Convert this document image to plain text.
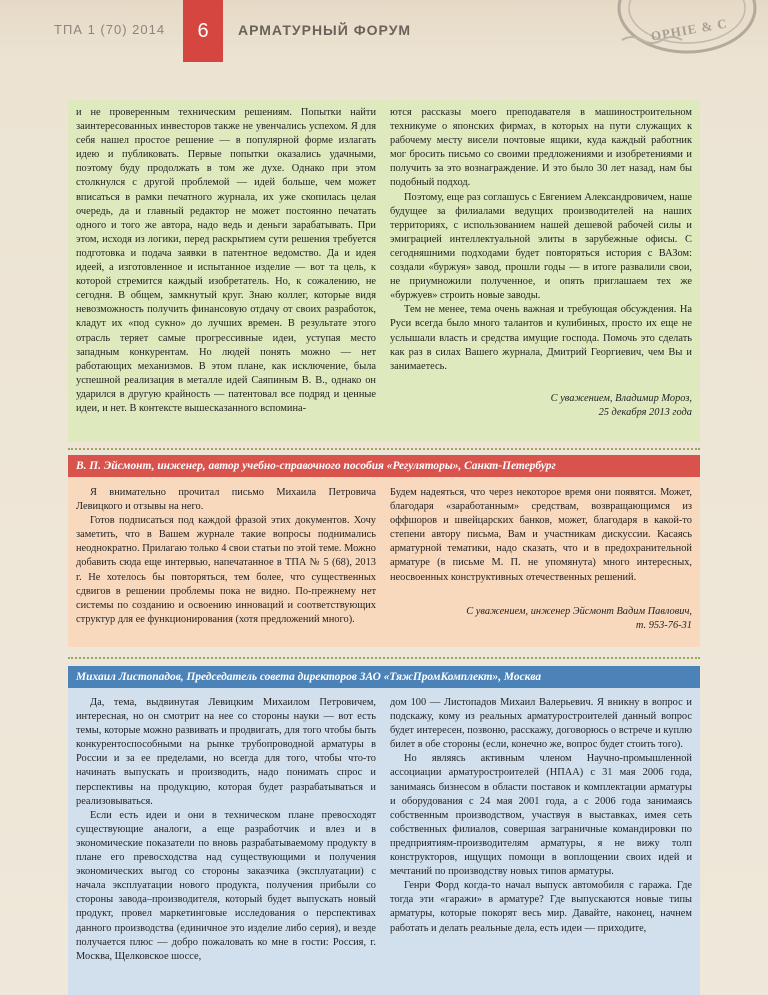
ТПА 1 (70) 2014	6	АРМАТУРНЫЙ ФОРУМ	OPHIE & C

и не проверенным техническим решениям. Попытки найти заинтересованных инвесторов также не увенчались успехом. Я для себя нашел простое решение — в популярной форме излагать идею и публиковать. Первые попытки оказались удачными, поэтому буду продолжать в том же духе. Однако при этом столкнулся с другой проблемой — идей больше, чем может вписаться в рамки печатного журнала, их уже скопилась целая очередь, да и главный редактор не может постоянно печатать одного и того же автора, надо ведь и деньги зарабатывать. При этом, исходя из логики, перед раскрытием сути решения требуется подготовка и подача заявки в патентное ведомство. Да и идея идеей, а изготовленное и испытанное изделие — вот та цель, к которой стремится каждый изобретатель. Но, к сожалению, не сегодня. В общем, замкнутый круг. Знаю коллег, которые видя невозможность получить финансовую отдачу от своих разработок, кладут их «под сукно» до лучших времен. В результате этого отрасль теряет самые прогрессивные идеи, уступая место западным конкурентам. Но людей понять можно — нет работающих механизмов. В этом плане, как исключение, была успешной реализация в металле идей Саяпиным В. В., однако он ударился в другую крайность — патентовал все подряд и ценные идеи, и нет. В контексте вышесказанного вспомина-

ются рассказы моего преподавателя в машиностроительном техникуме о японских фирмах, в которых на пути служащих к рабочему месту висели почтовые ящики, куда каждый работник мог бросить письмо со своими предложениями и изобретениями и получить за это вознаграждение. И это было 30 лет назад, нам бы подобный подход.

Поэтому, еще раз соглашусь с Евгением Александровичем, наше будущее за филиалами ведущих производителей на наших территориях, с использованием нашей дешевой рабочей силы и эмиграцией интеллектуальной элиты в зарубежные офисы. С сегодняшними подходами будет повторяться история с ВАЗом: создали «буржуя» завод, прошли годы — в итоге развалили свои, не приумножили полученное, и опять приглашаем тех же «буржуев» строить новые заводы.

Тем не менее, тема очень важная и требующая обсуждения. На Руси всегда было много талантов и кулибиных, просто их еще не услышали власть и средства имущие господа. Помочь это сделать как раз в силах Вашего журнала, Дмитрий Георгиевич, чем Вы и занимаетесь.

С уважением, Владимир Мороз,

25 декабря 2013 года

В. П. Эйсмонт, инженер, автор учебно-справочного пособия «Регуляторы», Санкт-Петербург

Я внимательно прочитал письмо Михаила Петровича Левицкого и отзывы на него.

Готов подписаться под каждой фразой этих документов. Хочу заметить, что в Вашем журнале такие вопросы поднимались неоднократно. Прилагаю только 4 свои статьи по этой теме. Можно добавить сюда еще интервью, напечатанное в ТПА № 5 (68), 2013 г. Не хотелось бы повторяться, тем более, что существенных сдвигов в решении проблемы пока не видно. По-прежнему нет системы по созданию и освоению инноваций и соответствующих структур для ее функционирования (хотя предложений много).

Будем надеяться, что через некоторое время они появятся. Может, благодаря «заработанным» средствам, возвращающимся из оффшоров и швейцарских банков, может, благодаря в какой-то степени автору письма, Вам и участникам дискуссии. Касаясь арматурной тематики, надо сказать, что и в предохранительной арматуре (в письме М. П. не упомянута) много интересных, неосвоенных конструктивных отечественных решений.

С уважением, инженер Эйсмонт Вадим Павлович,

т. 953-76-31

Михаил Листопадов, Председатель совета директоров ЗАО «ТяжПромКомплект», Москва

Да, тема, выдвинутая Левицким Михаилом Петровичем, интересная, но он смотрит на нее со стороны науки — вот есть темы, которые можно развивать и продвигать, для того чтобы быть конкурентоспособными на рынке трубопроводной арматуры в России и за ее пределами, но всегда для того, чтобы что-то начинать выпускать и производить, надо понимать спрос и перспективы на продукцию, которая будет разрабатываться и реализовываться.

Если есть идеи и они в техническом плане превосходят существующие аналоги, а еще разработчик и влез и в экономические показатели по вновь разрабатываемому продукту в плане его превосходства над существующими и получения экономических выгод со стороны заказчика (эксплуатации) с начала эксплуатации нового продукта, получения прибыли со стороны завода–производителя, который будет выпускать новый продукт, провел маркетинговые исследования о перспективах данного производства (единичное это изделие либо серия), и везде получается плюс — добро пожаловать ко мне в гости: Россия, г. Москва, Щелковское шоссе,

дом 100 — Листопадов Михаил Валерьевич. Я вникну в вопрос и подскажу, кому из реальных арматуростроителей данный вопрос будет интересен, позвоню, расскажу, договорюсь о встрече и куплю билет в обе стороны (если, конечно же, вопрос будет стоить того).

Но являясь активным членом Научно-промышленной ассоциации арматуростроителей (НПАА) с 31 мая 2006 года, занимаясь бизнесом в области поставок и комплектации арматуры и оборудования с 24 мая 2001 года, а с 2006 года занимаясь собственным производством, участвуя в выставках, имея сеть собственных филиалов, совершая заграничные командировки по предприятиям-производителям арматуры, я не вижу толп конструкторов, ищущих помощи в воплощении своих идей и мечтаний по производству новых типов арматуры.

Генри Форд когда-то начал выпуск автомобиля с гаража. Где тогда эти «гаражи» в арматуре? Где выпускаются новые типы арматуры, которые покорят весь мир. Давайте, наконец, начнем работать и делать реальные дела, есть идеи — приходите,
